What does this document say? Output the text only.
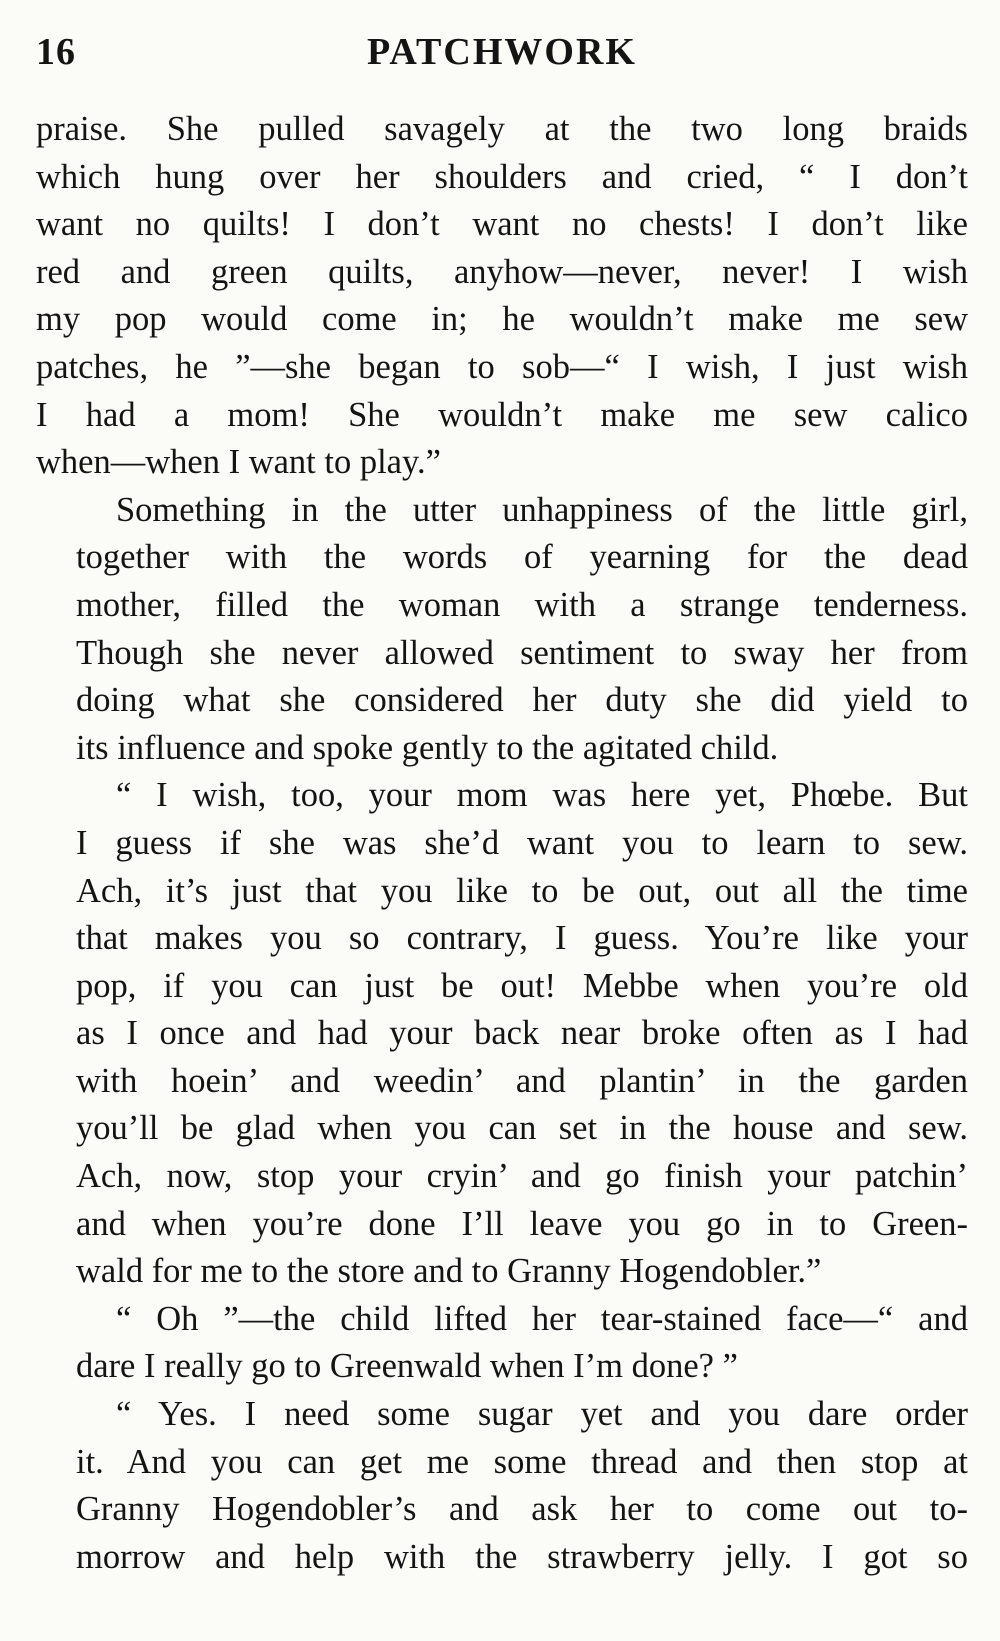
16	PATCHWORK
praise. She pulled savagely at the two long braids
which hung over her shoulders and cried, “ I don’t
want no quilts! I don’t want no chests! I don’t like
red and green quilts, anyhow—never, never! I wish
my pop would come in; he wouldn’t make me sew
patches, he ”—she began to sob—“ I wish, I just wish
I had a mom! She wouldn’t make me sew calico
when—when I want to play.”
Something in the utter unhappiness of the little girl,
together with the words of yearning for the dead
mother, filled the woman with a strange tenderness.
Though she never allowed sentiment to sway her from
doing what she considered her duty she did yield to
its influence and spoke gently to the agitated child.
“ I wish, too, your mom was here yet, Phœbe. But
I guess if she was she’d want you to learn to sew.
Ach, it’s just that you like to be out, out all the time
that makes you so contrary, I guess. You’re like your
pop, if you can just be out! Mebbe when you’re old
as I once and had your back near broke often as I had
with hoein’ and weedin’ and plantin’ in the garden
you’ll be glad when you can set in the house and sew.
Ach, now, stop your cryin’ and go finish your patchin’
and when you’re done I’ll leave you go in to Green-
wald for me to the store and to Granny Hogendobler.”
“ Oh ”—the child lifted her tear-stained face—“ and
dare I really go to Greenwald when I’m done? ”
“ Yes. I need some sugar yet and you dare order
it. And you can get me some thread and then stop at
Granny Hogendobler’s and ask her to come out to-
morrow and help with the strawberry jelly. I got so
